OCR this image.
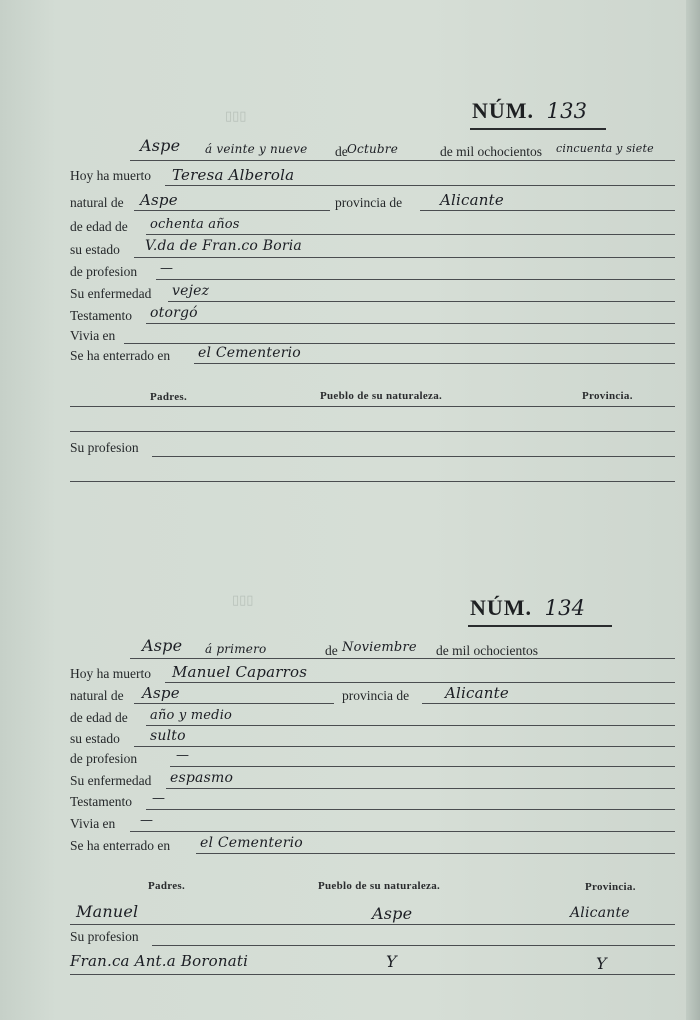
▯▯▯	NÚM. 133
Aspe á veinte y nueve de Octubre	de mil ochocientos cincuenta y siete
Hoy ha muerto Teresa Alberola
natural de Aspe	provincia de	Alicante
de edad de ochenta años
su estado V.da de Fran.co Boria
de profesion —
Su enfermedad vejez
Testamento otorgó
Vivia en
Se ha enterrado en el Cementerio
Padres.	Pueblo de su naturaleza.	Provincia.
Su profesion
▯▯▯	NÚM. 134
Aspe á primero	de Noviembre de mil ochocientos
Hoy ha muerto Manuel Caparros
natural de Aspe	provincia de Alicante
de edad de año y medio
su estado sulto
de profesion	—
Su enfermedad espasmo
Testamento —
Vivia en —
Se ha enterrado en el Cementerio
Padres.	Pueblo de su naturaleza.	Provincia.
Manuel	Aspe	Alicante
Su profesion
Fran.ca Ant.a Boronati	Y	Y
